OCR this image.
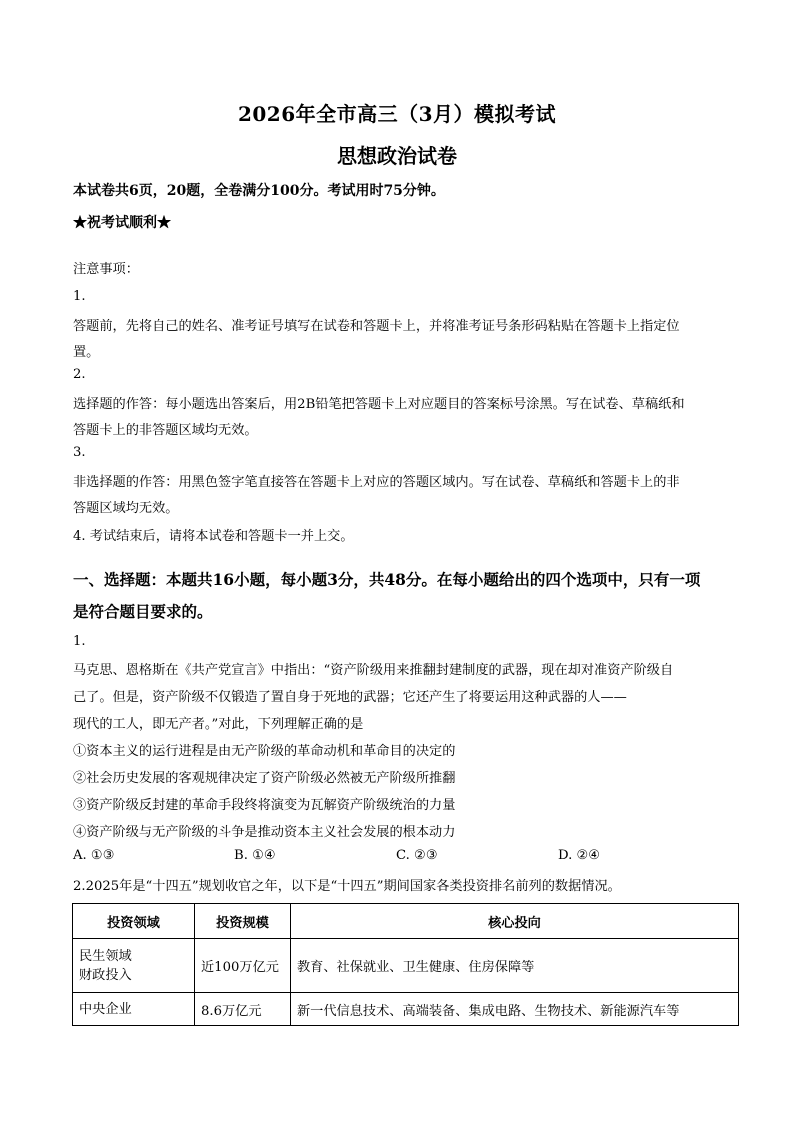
2026年全市高三（3月）模拟考试
思想政治试卷
本试卷共6页，20题，全卷满分100分。考试用时75分钟。
★祝考试顺利★
注意事项：
1.
答题前，先将自己的姓名、准考证号填写在试卷和答题卡上，并将准考证号条形码粘贴在答题卡上指定位
置。
2.
选择题的作答：每小题选出答案后，用2B铅笔把答题卡上对应题目的答案标号涂黑。写在试卷、草稿纸和
答题卡上的非答题区域均无效。
3.
非选择题的作答：用黑色签字笔直接答在答题卡上对应的答题区域内。写在试卷、草稿纸和答题卡上的非
答题区域均无效。
4. 考试结束后，请将本试卷和答题卡一并上交。
一、选择题：本题共16小题，每小题3分，共48分。在每小题给出的四个选项中，只有一项
是符合题目要求的。
1.
马克思、恩格斯在《共产党宣言》中指出：“资产阶级用来推翻封建制度的武器，现在却对准资产阶级自
己了。但是，资产阶级不仅锻造了置自身于死地的武器；它还产生了将要运用这种武器的人——
现代的工人，即无产者。”对此，下列理解正确的是
①资本主义的运行进程是由无产阶级的革命动机和革命目的决定的
②社会历史发展的客观规律决定了资产阶级必然被无产阶级所推翻
③资产阶级反封建的革命手段终将演变为瓦解资产阶级统治的力量
④资产阶级与无产阶级的斗争是推动资本主义社会发展的根本动力
A. ①③	B. ①④	C. ②③	D. ②④
2.2025年是“十四五”规划收官之年，以下是“十四五”期间国家各类投资排名前列的数据情况。
投资领域	投资规模	核心投向
民生领域
财政投入	近100万亿元	教育、社保就业、卫生健康、住房保障等
中央企业	8.6万亿元	新一代信息技术、高端装备、集成电路、生物技术、新能源汽车等
